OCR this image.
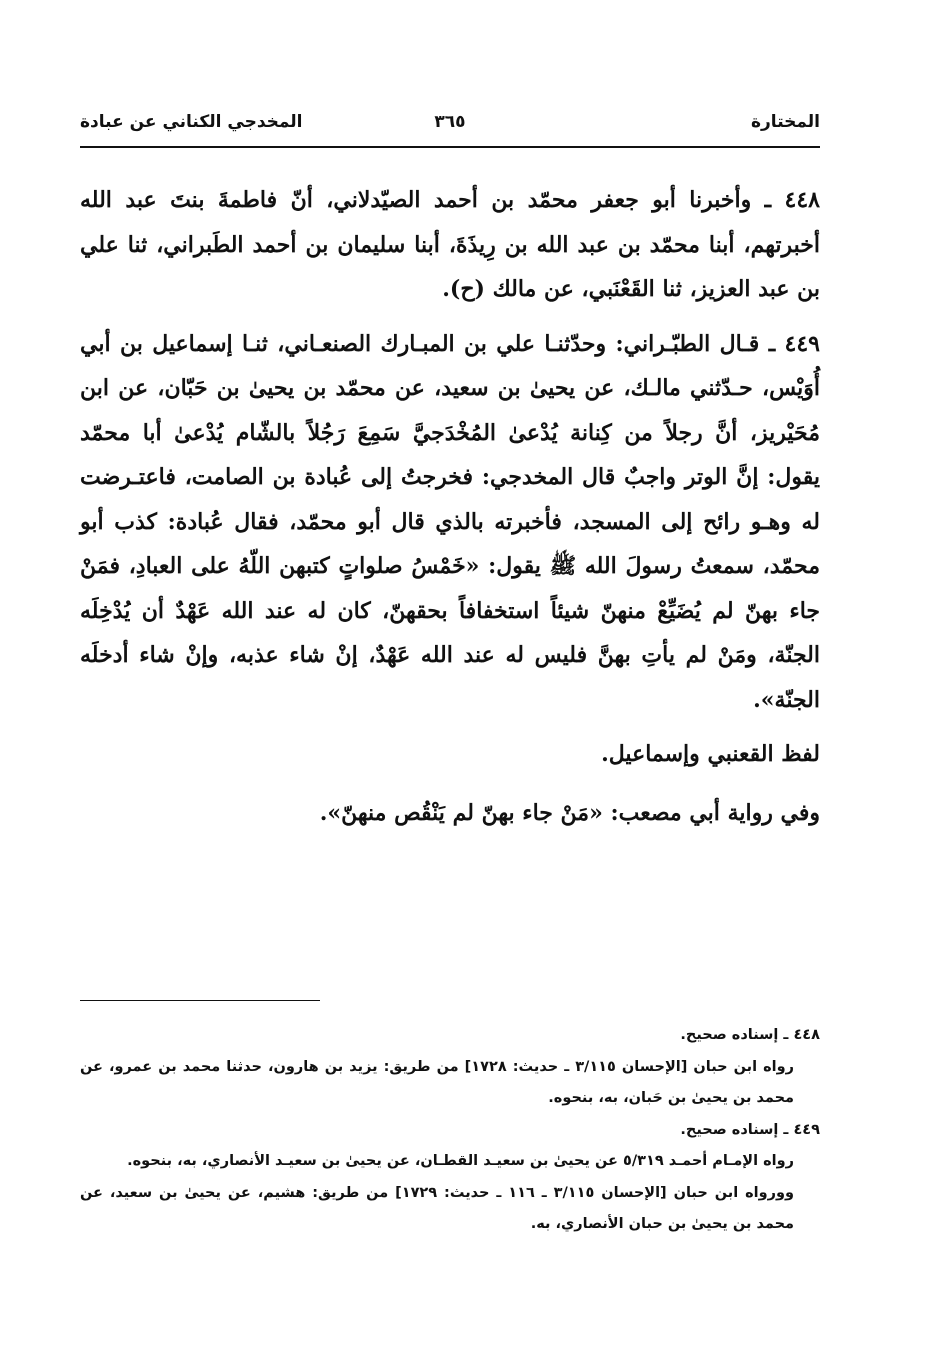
المختارة
٣٦٥
المخدجي الكناني عن عبادة

٤٤٨ ـ وأخبرنا أبو جعفر محمّد بن أحمد الصيّدلاني، أنّ فاطمةَ بنتَ عبد الله أخبرتهم، أبنا محمّد بن عبد الله بن رِيذَةَ، أبنا سليمان بن أحمد الطَبراني، ثنا علي بن عبد العزيز، ثنا القَعْنَبي، عن مالك (ح).

٤٤٩ ـ قـال الطبّـراني: وحدّثنـا علي بن المبـارك الصنعـاني، ثنـا إسماعيل بن أبي أُوَيْس، حـدّثني مالـك، عن يحيىٰ بن سعيد، عن محمّد بن يحيىٰ بن حَبّان، عن ابن مُحَيْريز، أنَّ رجلاً من كِنانة يُدْعىٰ المُخْدَجيَّ سَمِعَ رَجُلاً بالشّام يُدْعىٰ أبا محمّد يقول: إنَّ الوتر واجبٌ قال المخدجي: فخرجتُ إلى عُبادة بن الصامت، فاعتـرضت له وهـو رائح إلى المسجد، فأخبرته بالذي قال أبو محمّد، فقال عُبادة: كذب أبو محمّد، سمعتُ رسولَ الله ﷺ يقول: «خَمْسُ صلواتٍ كتبهن اللّهُ على العبادِ، فمَنْ جاء بهنّ لم يُضَيِّعْ منهنّ شيئاً استخفافاً بحقهنّ، كان له عند الله عَهْدٌ أن يُدْخِلَه الجنّة، ومَنْ لم يأتِ بهنَّ فليس له عند الله عَهْدٌ، إنْ شاء عذبه، وإنْ شاء أدخلَه الجنّة».

لفظ القعنبي وإسماعيل.

وفي رواية أبي مصعب: «مَنْ جاء بهنّ لم يَنْقُص منهنّ».

٤٤٨ ـ إسناده صحيح.

رواه ابن حبان [الإحسان ٣/١١٥ ـ حديث: ١٧٢٨] من طريق: يزيد بن هارون، حدثنا محمد بن عمرو، عن محمد بن يحيىٰ بن حَبان، به، بنحوه.

٤٤٩ ـ إسناده صحيح.

رواه الإمـام أحمـد ٥/٣١٩ عن يحيىٰ بن سعيـد القطـان، عن يحيىٰ بن سعيـد الأنصاري، به، بنحوه.

وورواه ابن حبان [الإحسان ٣/١١٥ ـ ١١٦ ـ حديث: ١٧٢٩] من طريق: هشيم، عن يحيىٰ بن سعيد، عن محمد بن يحيىٰ بن حبان الأنصاري، به.
